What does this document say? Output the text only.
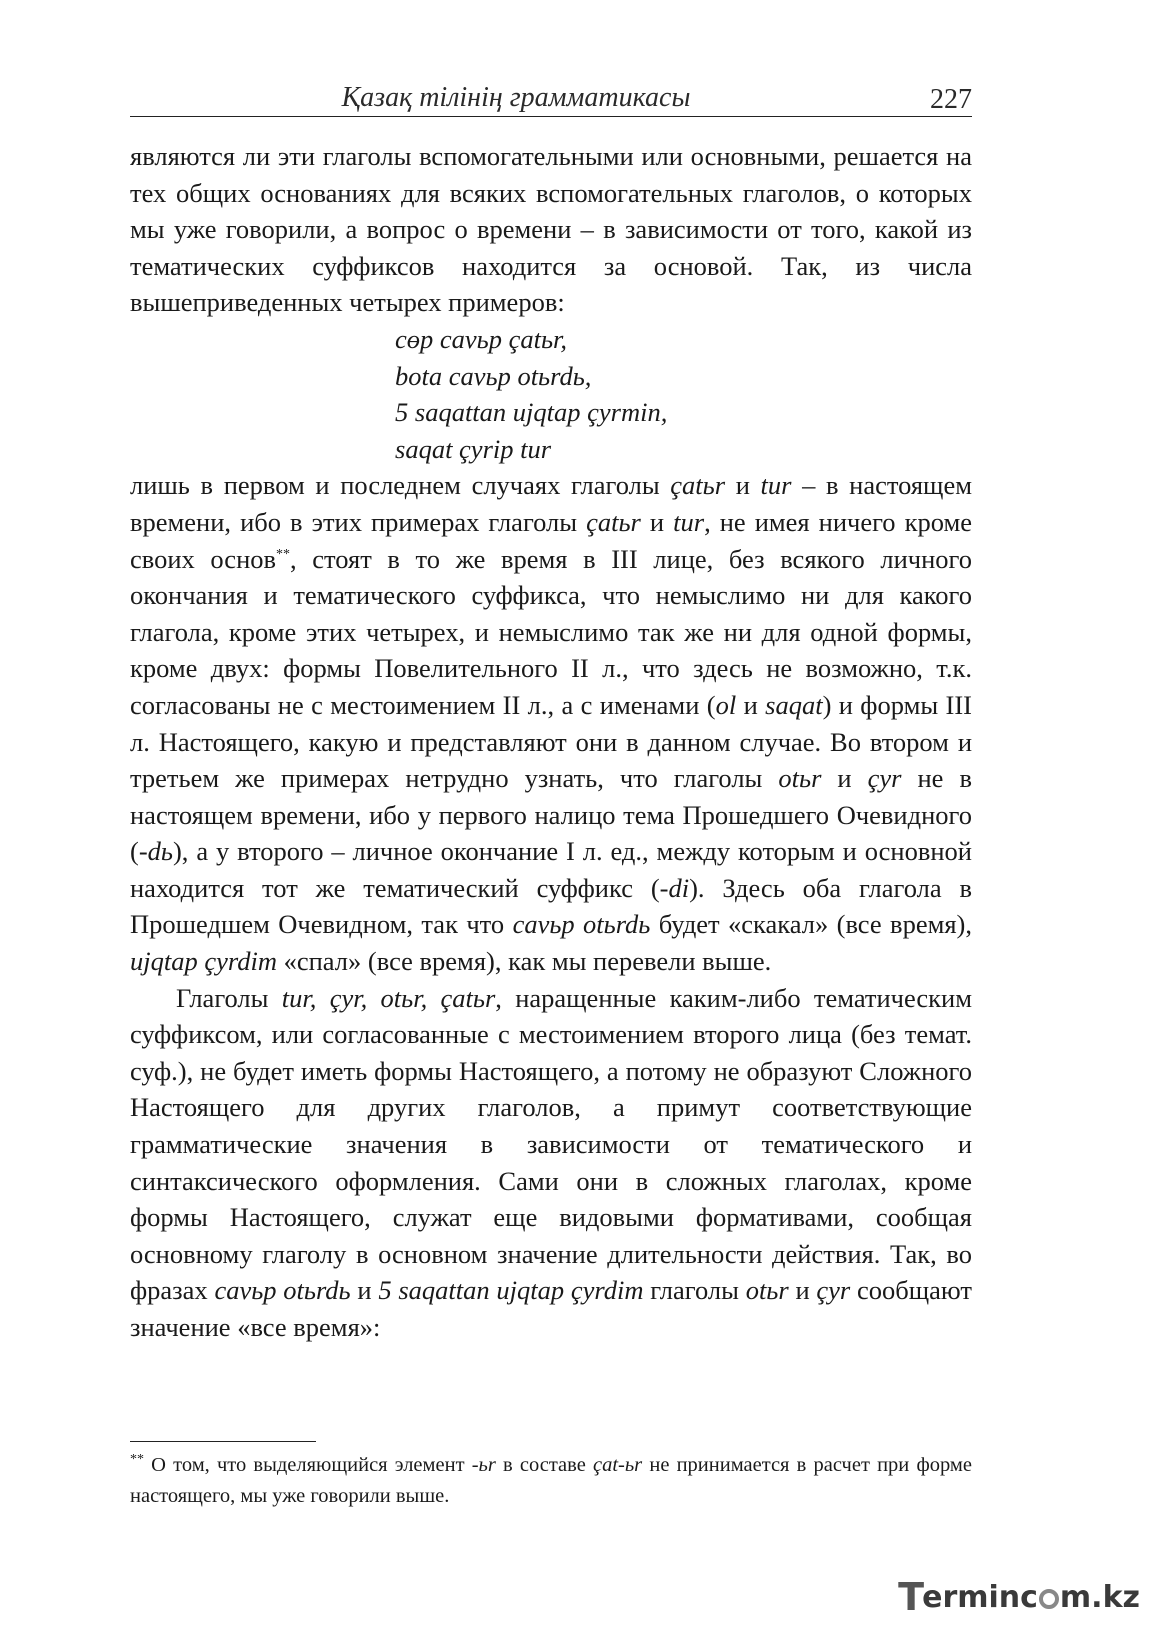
Қазақ тілінің грамматикасы	227

являются ли эти глаголы вспомогательными или основными, решается на тех общих основаниях для всяких вспомогательных глаголов, о которых мы уже говорили, а вопрос о времени – в зависимости от того, какой из тематических суффиксов находится за основой. Так, из числа вышеприведенных четырех примеров:

сөр cavьр çatьr,
bota cavьр otьrdь,
5 saqattan ujqtap çyrmin,
saqat çyrip tur

лишь в первом и последнем случаях глаголы çatьr и tur – в настоящем времени, ибо в этих примерах глаголы çatьr и tur, не имея ничего кроме своих основ**, стоят в то же время в III лице, без всякого личного окончания и тематического суффикса, что немыслимо ни для какого глагола, кроме этих четырех, и немыслимо так же ни для одной формы, кроме двух: формы Повелительного II л., что здесь не возможно, т.к. согласованы не с местоимением II л., а с именами (ol и saqat) и формы III л. Настоящего, какую и представляют они в данном случае. Во втором и третьем же примерах нетрудно узнать, что глаголы otьr и çyr не в настоящем времени, ибо у первого налицо тема Прошедшего Очевидного (-dь), а у второго – личное окончание I л. ед., между которым и основной находится тот же тематический суффикс (-di). Здесь оба глагола в Прошедшем Очевидном, так что cavьр otьrdь будет «скакал» (все время), ujqtap çyrdim «спал» (все время), как мы перевели выше.

Глаголы tur, çyr, otьr, çatьr, наращенные каким-либо тематическим суффиксом, или согласованные с местоимением второго лица (без темат. суф.), не будет иметь формы Настоящего, а потому не образуют Сложного Настоящего для других глаголов, а примут соответствующие грамматические значения в зависимости от тематического и синтаксического оформления. Сами они в сложных глаголах, кроме формы Настоящего, служат еще видовыми формативами, сообщая основному глаголу в основном значение длительности действия. Так, во фразах cavьр otьrdь и 5 saqattan ujqtap çyrdim глаголы otьr и çyr сообщают значение «все время»:

** О том, что выделяющийся элемент -ьr в составе çat-ьr не принимается в расчет при форме настоящего, мы уже говорили выше.

T
erminc m.kz
